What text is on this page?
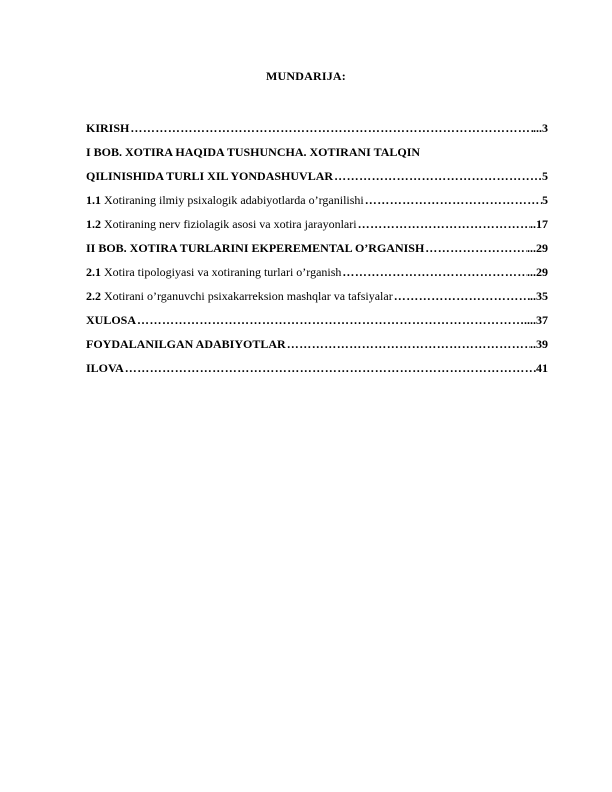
MUNDARIJA:
KIRISH …………………………………………………………………………………………………………………………………………………………	...3
I BOB. XOTIRA HAQIDA TUSHUNCHA. XOTIRANI TALQIN
QILINISHIDA TURLI XIL YONDASHUVLAR …………………………………………………………………………………………………………………………………………………………	…5
1.1 Xotiraning ilmiy psixalogik adabiyotlarda o’rganilishi …………………………………………………………………………………………………………………………………………………………	5
1.2 Xotiraning nerv fiziolagik asosi va xotira jarayonlari …………………………………………………………………………………………………………………………………………………………	..17
II BOB. XOTIRA TURLARINI EKPEREMENTAL O’RGANISH …………………………………………………………………………………………………………………………………………………………	...29
2.1 Xotira tipologiyasi va xotiraning turlari o’rganish …………………………………………………………………………………………………………………………………………………………	...29
2.2 Xotirani o’rganuvchi psixakarreksion mashqlar va tafsiyalar …………………………………………………………………………………………………………………………………………………………	..35
XULOSA …………………………………………………………………………………………………………………………………………………………	....37
FOYDALANILGAN ADABIYOTLAR …………………………………………………………………………………………………………………………………………………………	..39
ILOVA …………………………………………………………………………………………………………………………………………………………	41
